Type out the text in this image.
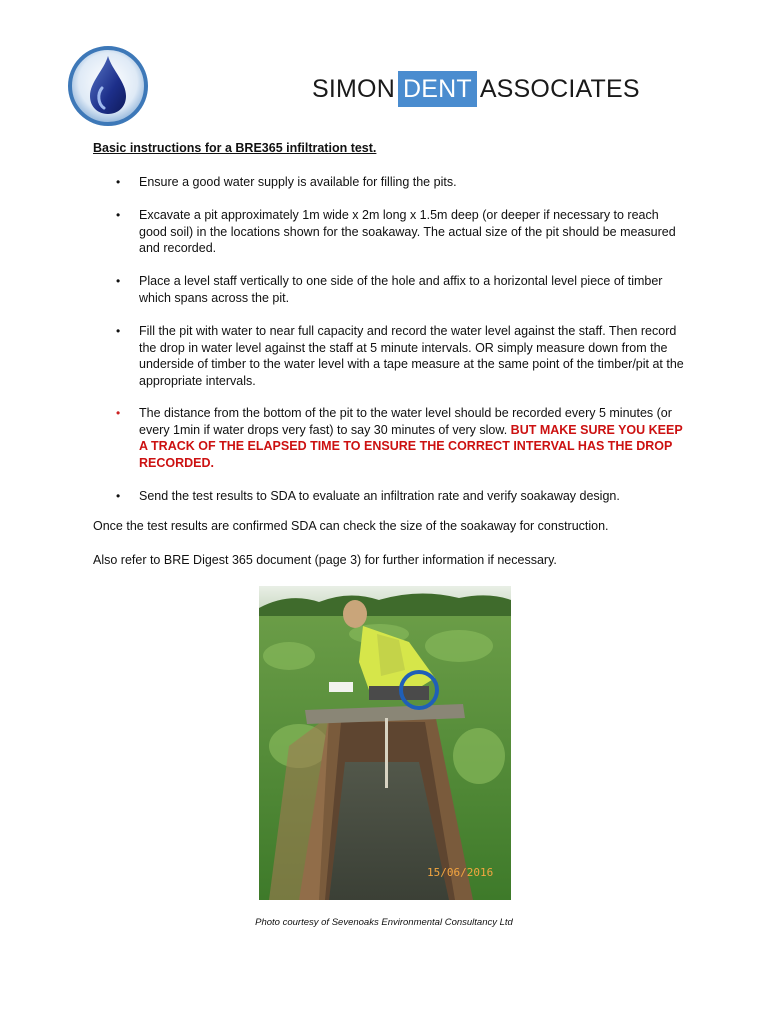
SIMON DENT ASSOCIATES
Basic instructions for a BRE365 infiltration test.
• Ensure a good water supply is available for filling the pits.
• Excavate a pit approximately 1m wide x 2m long x 1.5m deep (or deeper if necessary to reach good soil) in the locations shown for the soakaway. The actual size of the pit should be measured and recorded.
• Place a level staff vertically to one side of the hole and affix to a horizontal level piece of timber which spans across the pit.
• Fill the pit with water to near full capacity and record the water level against the staff. Then record the drop in water level against the staff at 5 minute intervals. OR simply measure down from the underside of timber to the water level with a tape measure at the same point of the timber/pit at the appropriate intervals.
• The distance from the bottom of the pit to the water level should be recorded every 5 minutes (or every 1min if water drops very fast) to say 30 minutes of very slow. BUT MAKE SURE YOU KEEP A TRACK OF THE ELAPSED TIME TO ENSURE THE CORRECT INTERVAL HAS THE DROP RECORDED.
• Send the test results to SDA to evaluate an infiltration rate and verify soakaway design.
Once the test results are confirmed SDA can check the size of the soakaway for construction.
Also refer to BRE Digest 365 document (page 3) for further information if necessary.
15/06/2016
Photo courtesy of Sevenoaks Environmental Consultancy Ltd
